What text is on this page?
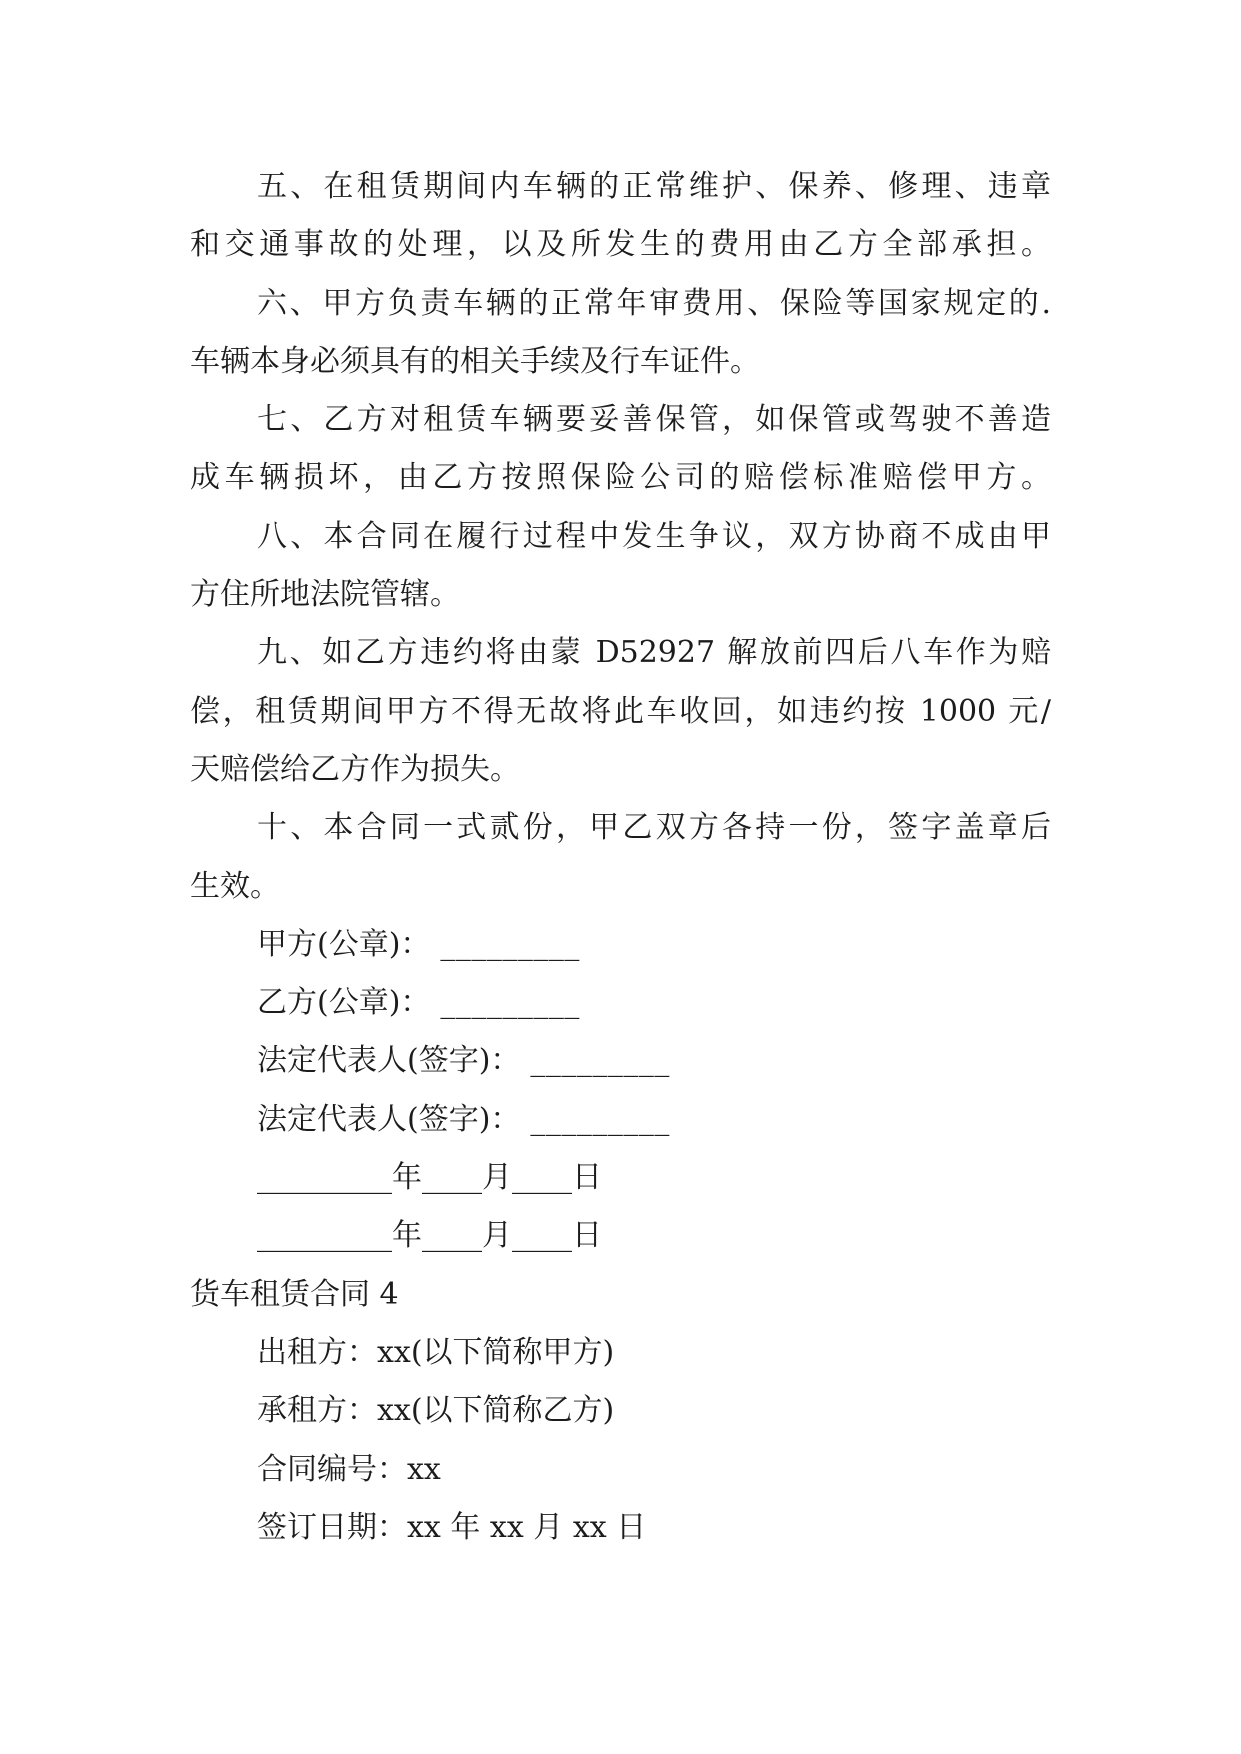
五、在租赁期间内车辆的正常维护、保养、修理、违章
和交通事故的处理，以及所发生的费用由乙方全部承担。
六、甲方负责车辆的正常年审费用、保险等国家规定的.
车辆本身必须具有的相关手续及行车证件。
七、乙方对租赁车辆要妥善保管，如保管或驾驶不善造
成车辆损坏，由乙方按照保险公司的赔偿标准赔偿甲方。
八、本合同在履行过程中发生争议，双方协商不成由甲
方住所地法院管辖。
九、如乙方违约将由蒙 D52927 解放前四后八车作为赔
偿，租赁期间甲方不得无故将此车收回，如违约按 1000 元/
天赔偿给乙方作为损失。
十、本合同一式贰份，甲乙双方各持一份，签字盖章后
生效。
甲方(公章)： _________
乙方(公章)： _________
法定代表人(签字)： _________
法定代表人(签字)： _________
_________年____月____日
_________年____月____日
货车租赁合同 4
出租方：xx(以下简称甲方)
承租方：xx(以下简称乙方)
合同编号：xx
签订日期：xx 年 xx 月 xx 日
